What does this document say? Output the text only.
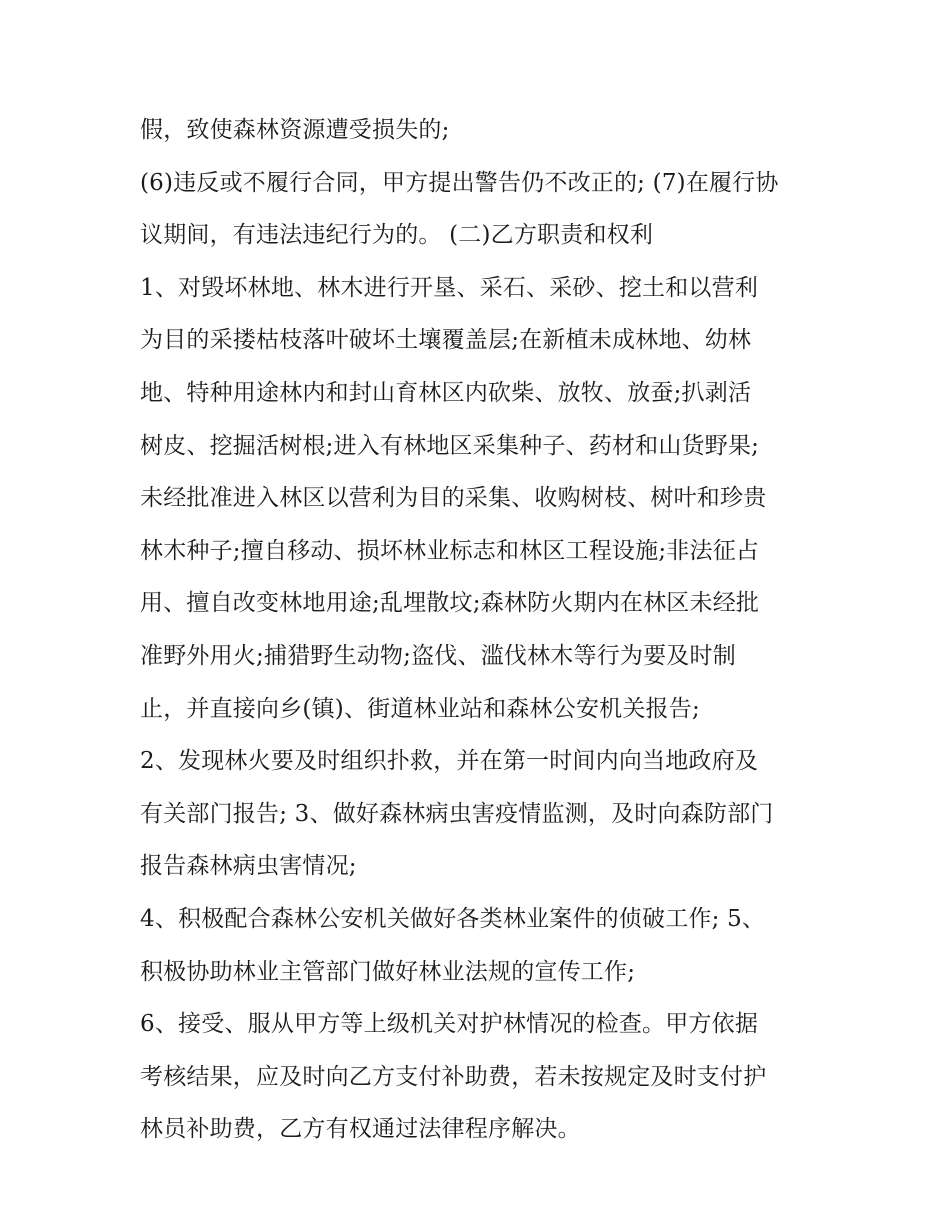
假，致使森林资源遭受损失的;
(6)违反或不履行合同，甲方提出警告仍不改正的; (7)在履行协
议期间，有违法违纪行为的。 (二)乙方职责和权利
1、对毁坏林地、林木进行开垦、采石、采砂、挖土和以营利
为目的采搂枯枝落叶破坏土壤覆盖层;在新植未成林地、幼林
地、特种用途林内和封山育林区内砍柴、放牧、放蚕;扒剥活
树皮、挖掘活树根;进入有林地区采集种子、药材和山货野果;
未经批准进入林区以营利为目的采集、收购树枝、树叶和珍贵
林木种子;擅自移动、损坏林业标志和林区工程设施;非法征占
用、擅自改变林地用途;乱埋散坟;森林防火期内在林区未经批
准野外用火;捕猎野生动物;盗伐、滥伐林木等行为要及时制
止，并直接向乡(镇)、街道林业站和森林公安机关报告;
2、发现林火要及时组织扑救，并在第一时间内向当地政府及
有关部门报告; 3、做好森林病虫害疫情监测，及时向森防部门
报告森林病虫害情况;
4、积极配合森林公安机关做好各类林业案件的侦破工作; 5、
积极协助林业主管部门做好林业法规的宣传工作;
6、接受、服从甲方等上级机关对护林情况的检查。甲方依据
考核结果，应及时向乙方支付补助费，若未按规定及时支付护
林员补助费，乙方有权通过法律程序解决。
